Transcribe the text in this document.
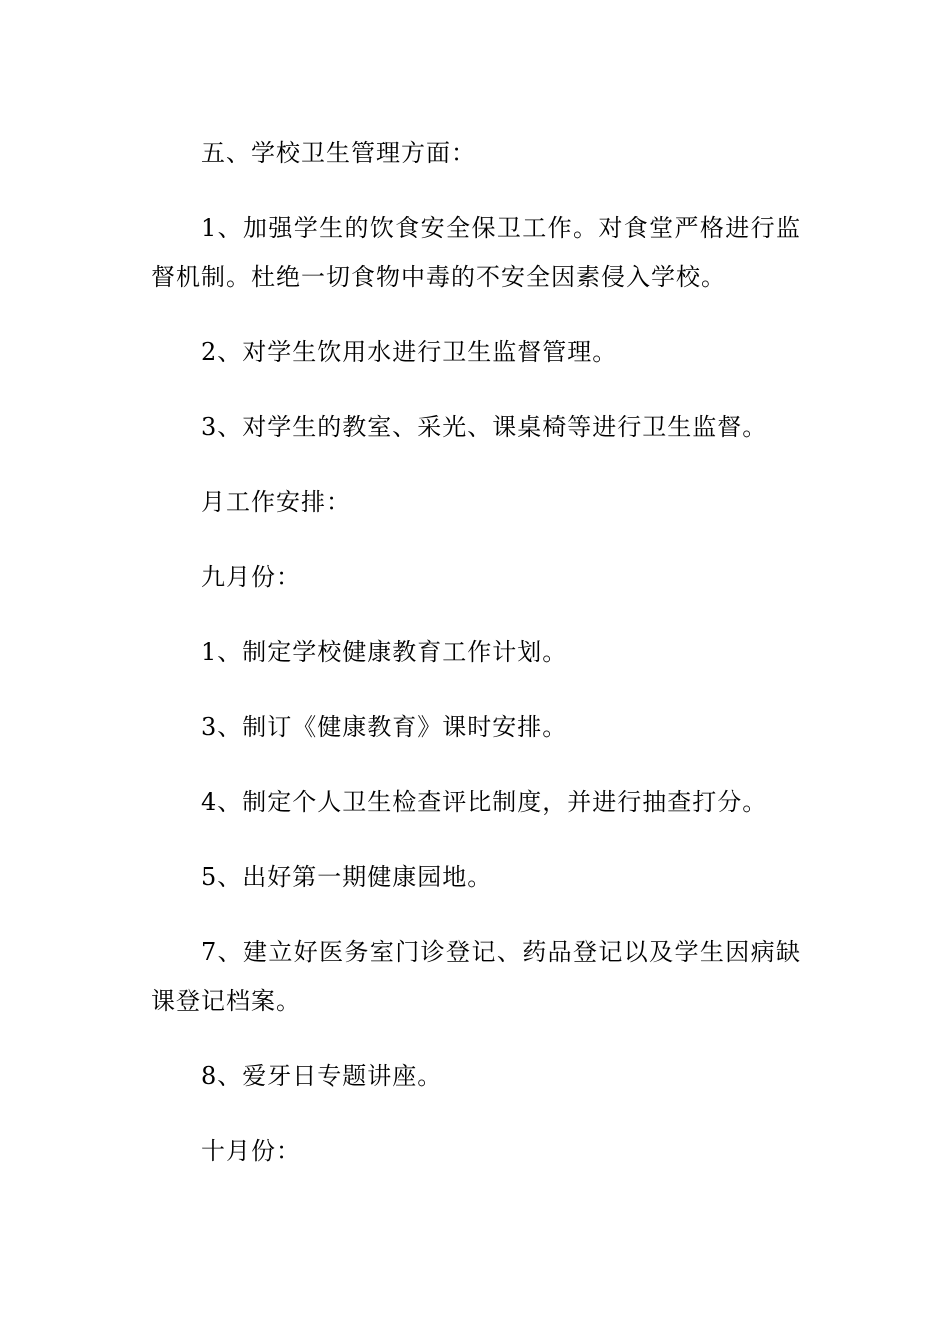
五、学校卫生管理方面：

1、加强学生的饮食安全保卫工作。对食堂严格进行监督机制。杜绝一切食物中毒的不安全因素侵入学校。

2、对学生饮用水进行卫生监督管理。

3、对学生的教室、采光、课桌椅等进行卫生监督。

月工作安排：

九月份：

1、制定学校健康教育工作计划。

3、制订《健康教育》课时安排。

4、制定个人卫生检查评比制度，并进行抽查打分。

5、出好第一期健康园地。

7、建立好医务室门诊登记、药品登记以及学生因病缺课登记档案。

8、爱牙日专题讲座。

十月份：
